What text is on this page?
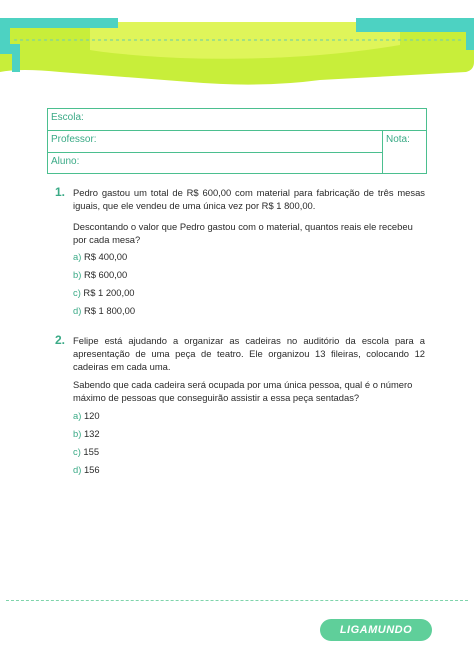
Escola:
Professor:	Nota:
Aluno:
1. Pedro gastou um total de R$ 600,00 com material para fabricação de três mesas iguais, que ele vendeu de uma única vez por R$ 1 800,00.

Descontando o valor que Pedro gastou com o material, quantos reais ele recebeu por cada mesa?

a) R$ 400,00
b) R$ 600,00
c) R$ 1 200,00
d) R$ 1 800,00
2. Felipe está ajudando a organizar as cadeiras no auditório da escola para a apresentação de uma peça de teatro. Ele organizou 13 fileiras, colocando 12 cadeiras em cada uma.

Sabendo que cada cadeira será ocupada por uma única pessoa, qual é o número máximo de pessoas que conseguirão assistir a essa peça sentadas?

a) 120
b) 132
c) 155
d) 156
LIGAMUNDO
